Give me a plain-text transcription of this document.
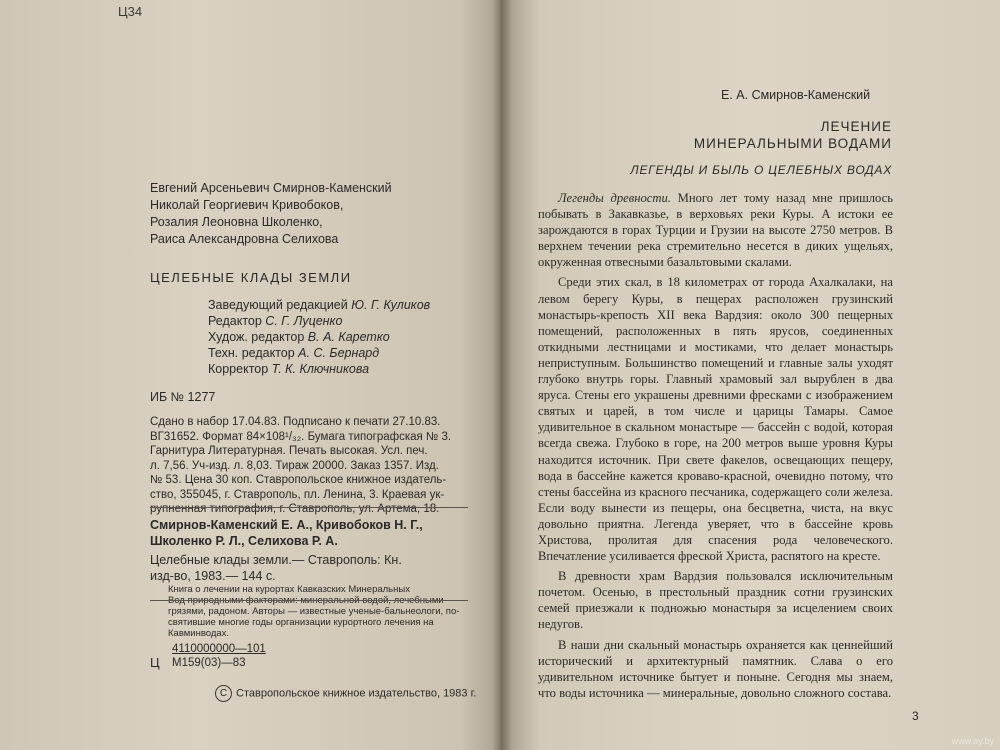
Ц34
Евгений Арсеньевич Смирнов-Каменский
Николай Георгиевич Кривобоков,
Розалия Леоновна Школенко,
Раиса Александровна Селихова
ЦЕЛЕБНЫЕ КЛАДЫ ЗЕМЛИ
Заведующий редакцией Ю. Г. Куликов
Редактор С. Г. Луценко
Худож. редактор В. А. Каретко
Техн. редактор А. С. Бернард
Корректор Т. К. Ключникова
ИБ № 1277
Сдано в набор 17.04.83. Подписано к печати 27.10.83.
ВГ31652. Формат 84×108¹/₃₂. Бумага типографская № 3.
Гарнитура Литературная. Печать высокая. Усл. печ.
л. 7,56. Уч-изд. л. 8,03. Тираж 20000. Заказ 1357. Изд.
№ 53. Цена 30 коп. Ставропольское книжное издатель-
ство, 355045, г. Ставрополь, пл. Ленина, 3. Краевая ук-
рупненная типография, г. Ставрополь, ул. Артема, 18.
Смирнов-Каменский Е. А., Кривобоков Н. Г.,
Школенко Р. Л., Селихова Р. А.
Целебные клады земли.— Ставрополь: Кн.
изд-во, 1983.— 144 с.
Книга о лечении на курортах Кавказских Минеральных
Вод природными факторами: минеральной водой, лечебными
грязями, радоном. Авторы — известные ученые-бальнеологи, по-
святившие многие годы организации курортного лечения на
Кавминводах.
Ц
4110000000—101
М159(03)—83
C Ставропольское книжное издательство, 1983 г.
Е. А. Смирнов-Каменский
ЛЕЧЕНИЕ
МИНЕРАЛЬНЫМИ ВОДАМИ
ЛЕГЕНДЫ И БЫЛЬ О ЦЕЛЕБНЫХ ВОДАХ

Легенды древности. Много лет тому назад мне пришлось побывать в Закавказье, в верховьях реки Куры. А истоки ее зарождаются в горах Турции и Грузии на высоте 2750 метров. В верхнем течении река стремительно несется в диких ущельях, окруженная отвесными базальтовыми скалами.

Среди этих скал, в 18 километрах от города Ахалкалаки, на левом берегу Куры, в пещерах расположен грузинский монастырь-крепость XII века Вардзия: около 300 пещерных помещений, расположенных в пять ярусов, соединенных откидными лестницами и мостиками, что делает монастырь неприступным. Большинство помещений и главные залы уходят глубоко внутрь горы. Главный храмовый зал вырублен в два яруса. Стены его украшены древними фресками с изображением святых и царей, в том числе и царицы Тамары. Самое удивительное в скальном монастыре — бассейн с водой, которая всегда свежа. Глубоко в горе, на 200 метров выше уровня Куры находится источник. При свете факелов, освещающих пещеру, вода в бассейне кажется кроваво-красной, очевидно потому, что стены бассейна из красного песчаника, содержащего соли железа. Если воду вынести из пещеры, она бесцветна, чиста, на вкус довольно приятна. Легенда уверяет, что в бассейне кровь Христова, пролитая для спасения рода человеческого. Впечатление усиливается фреской Христа, распятого на кресте.

В древности храм Вардзия пользовался исключительным почетом. Осенью, в престольный праздник сотни грузинских семей приезжали к подножью монастыря за исцелением своих недугов.

В наши дни скальный монастырь охраняется как ценнейший исторический и архитектурный памятник. Слава о его удивительном источнике бытует и поныне. Сегодня мы знаем, что воды источника — минеральные, довольно сложного состава.

3
www.ay.by
